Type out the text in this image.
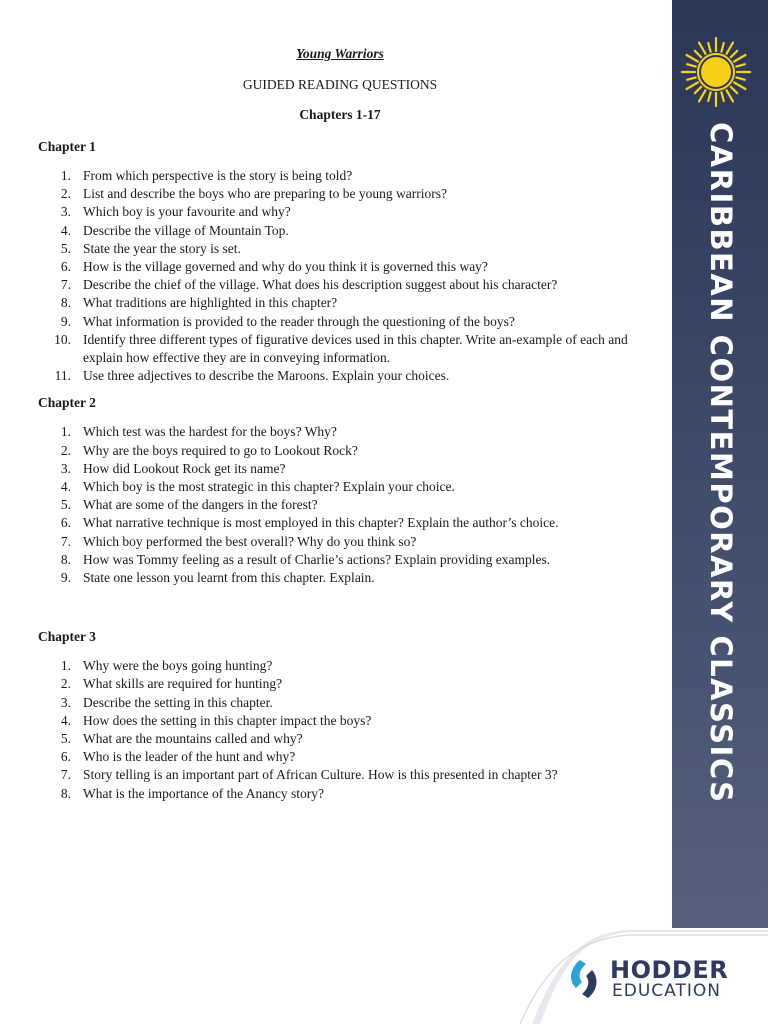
CARIBBEAN CONTEMPORARY CLASSICS
HODDER
EDUCATION
Young Warriors
GUIDED READING QUESTIONS
Chapters 1-17
Chapter 1
1. From which perspective is the story is being told?
2. List and describe the boys who are preparing to be young warriors?
3. Which boy is your favourite and why?
4. Describe the village of Mountain Top.
5. State the year the story is set.
6. How is the village governed and why do you think it is governed this way?
7. Describe the chief of the village. What does his description suggest about his character?
8. What traditions are highlighted in this chapter?
9. What information is provided to the reader through the questioning of the boys?
10. Identify three different types of figurative devices used in this chapter. Write an-example of each and explain how effective they are in conveying information.
11. Use three adjectives to describe the Maroons. Explain your choices.
Chapter 2
1. Which test was the hardest for the boys? Why?
2. Why are the boys required to go to Lookout Rock?
3. How did Lookout Rock get its name?
4. Which boy is the most strategic in this chapter? Explain your choice.
5. What are some of the dangers in the forest?
6. What narrative technique is most employed in this chapter? Explain the author’s choice.
7. Which boy performed the best overall? Why do you think so?
8. How was Tommy feeling as a result of Charlie’s actions? Explain providing examples.
9. State one lesson you learnt from this chapter. Explain.
Chapter 3
1. Why were the boys going hunting?
2. What skills are required for hunting?
3. Describe the setting in this chapter.
4. How does the setting in this chapter impact the boys?
5. What are the mountains called and why?
6. Who is the leader of the hunt and why?
7. Story telling is an important part of African Culture. How is this presented in chapter 3?
8. What is the importance of the Anancy story?
